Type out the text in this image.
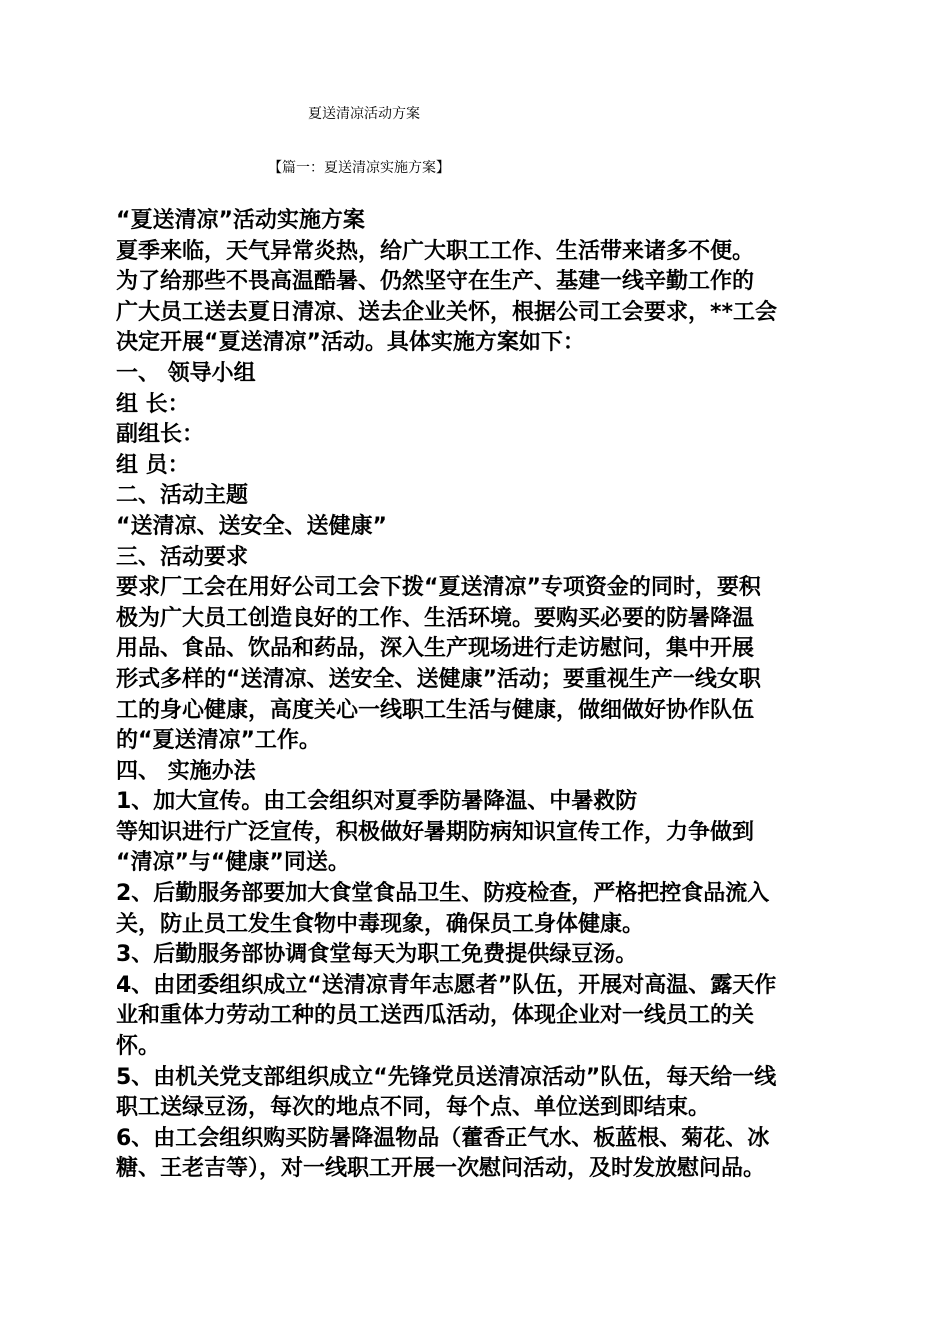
夏送清凉活动方案
【篇一：夏送清凉实施方案】
“夏送清凉”活动实施方案
夏季来临，天气异常炎热，给广大职工工作、生活带来诸多不便。
为了给那些不畏高温酷暑、仍然坚守在生产、基建一线辛勤工作的
广大员工送去夏日清凉、送去企业关怀，根据公司工会要求，**工会
决定开展“夏送清凉”活动。具体实施方案如下：
一、 领导小组
组 长：
副组长：
组 员：
二、活动主题
“送清凉、送安全、送健康”
三、活动要求
要求厂工会在用好公司工会下拨“夏送清凉”专项资金的同时，要积
极为广大员工创造良好的工作、生活环境。要购买必要的防暑降温
用品、食品、饮品和药品，深入生产现场进行走访慰问，集中开展
形式多样的“送清凉、送安全、送健康”活动；要重视生产一线女职
工的身心健康，高度关心一线职工生活与健康，做细做好协作队伍
的“夏送清凉”工作。
四、 实施办法
1、加大宣传。由工会组织对夏季防暑降温、中暑救防
等知识进行广泛宣传，积极做好暑期防病知识宣传工作，力争做到
“清凉”与“健康”同送。
2、后勤服务部要加大食堂食品卫生、防疫检查，严格把控食品流入
关，防止员工发生食物中毒现象，确保员工身体健康。
3、后勤服务部协调食堂每天为职工免费提供绿豆汤。
4、由团委组织成立“送清凉青年志愿者”队伍，开展对高温、露天作
业和重体力劳动工种的员工送西瓜活动，体现企业对一线员工的关
怀。
5、由机关党支部组织成立“先锋党员送清凉活动”队伍，每天给一线
职工送绿豆汤，每次的地点不同，每个点、单位送到即结束。
6、由工会组织购买防暑降温物品（藿香正气水、板蓝根、菊花、冰
糖、王老吉等），对一线职工开展一次慰问活动，及时发放慰问品。
